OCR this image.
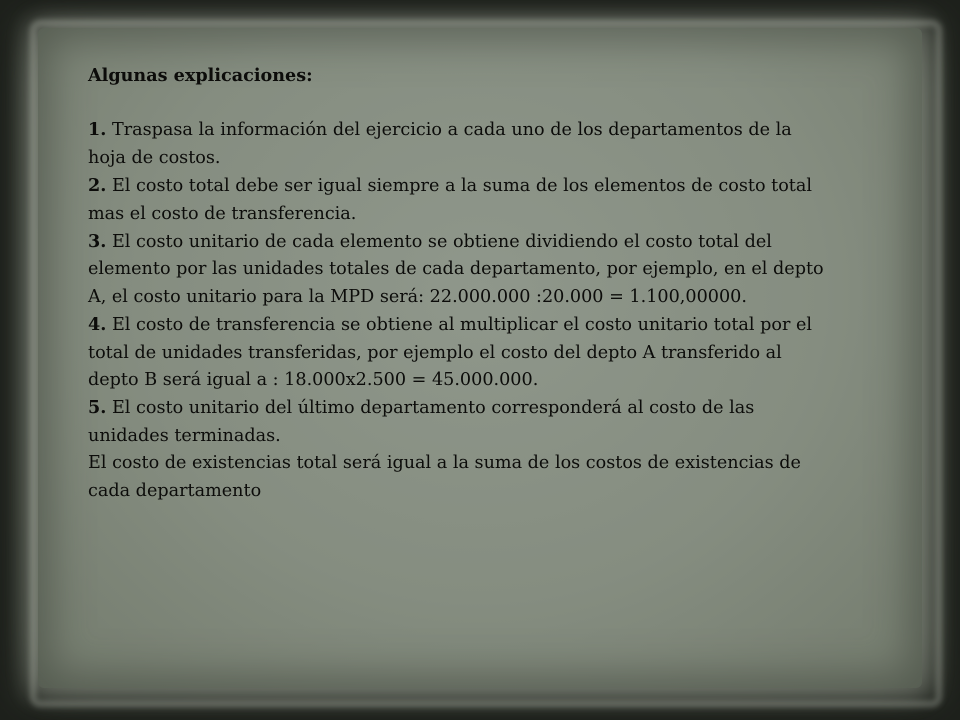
Algunas explicaciones:

1. Traspasa la información del ejercicio a cada uno de los departamentos de la hoja de costos.

2. El costo total debe ser igual siempre a la suma de los elementos de costo total mas el costo de transferencia.

3. El costo unitario de cada elemento se obtiene dividiendo el costo total del elemento por las unidades totales de cada departamento, por ejemplo, en el depto A, el costo unitario para la MPD será: 22.000.000 :20.000 = 1.100,00000.

4. El costo de transferencia se obtiene al multiplicar el costo unitario total por el total de unidades transferidas, por ejemplo el costo del depto A transferido al depto B será igual a : 18.000x2.500 = 45.000.000.

5. El costo unitario del último departamento corresponderá al costo de las unidades terminadas.

El costo de existencias total será igual a la suma de los costos de existencias de cada departamento
